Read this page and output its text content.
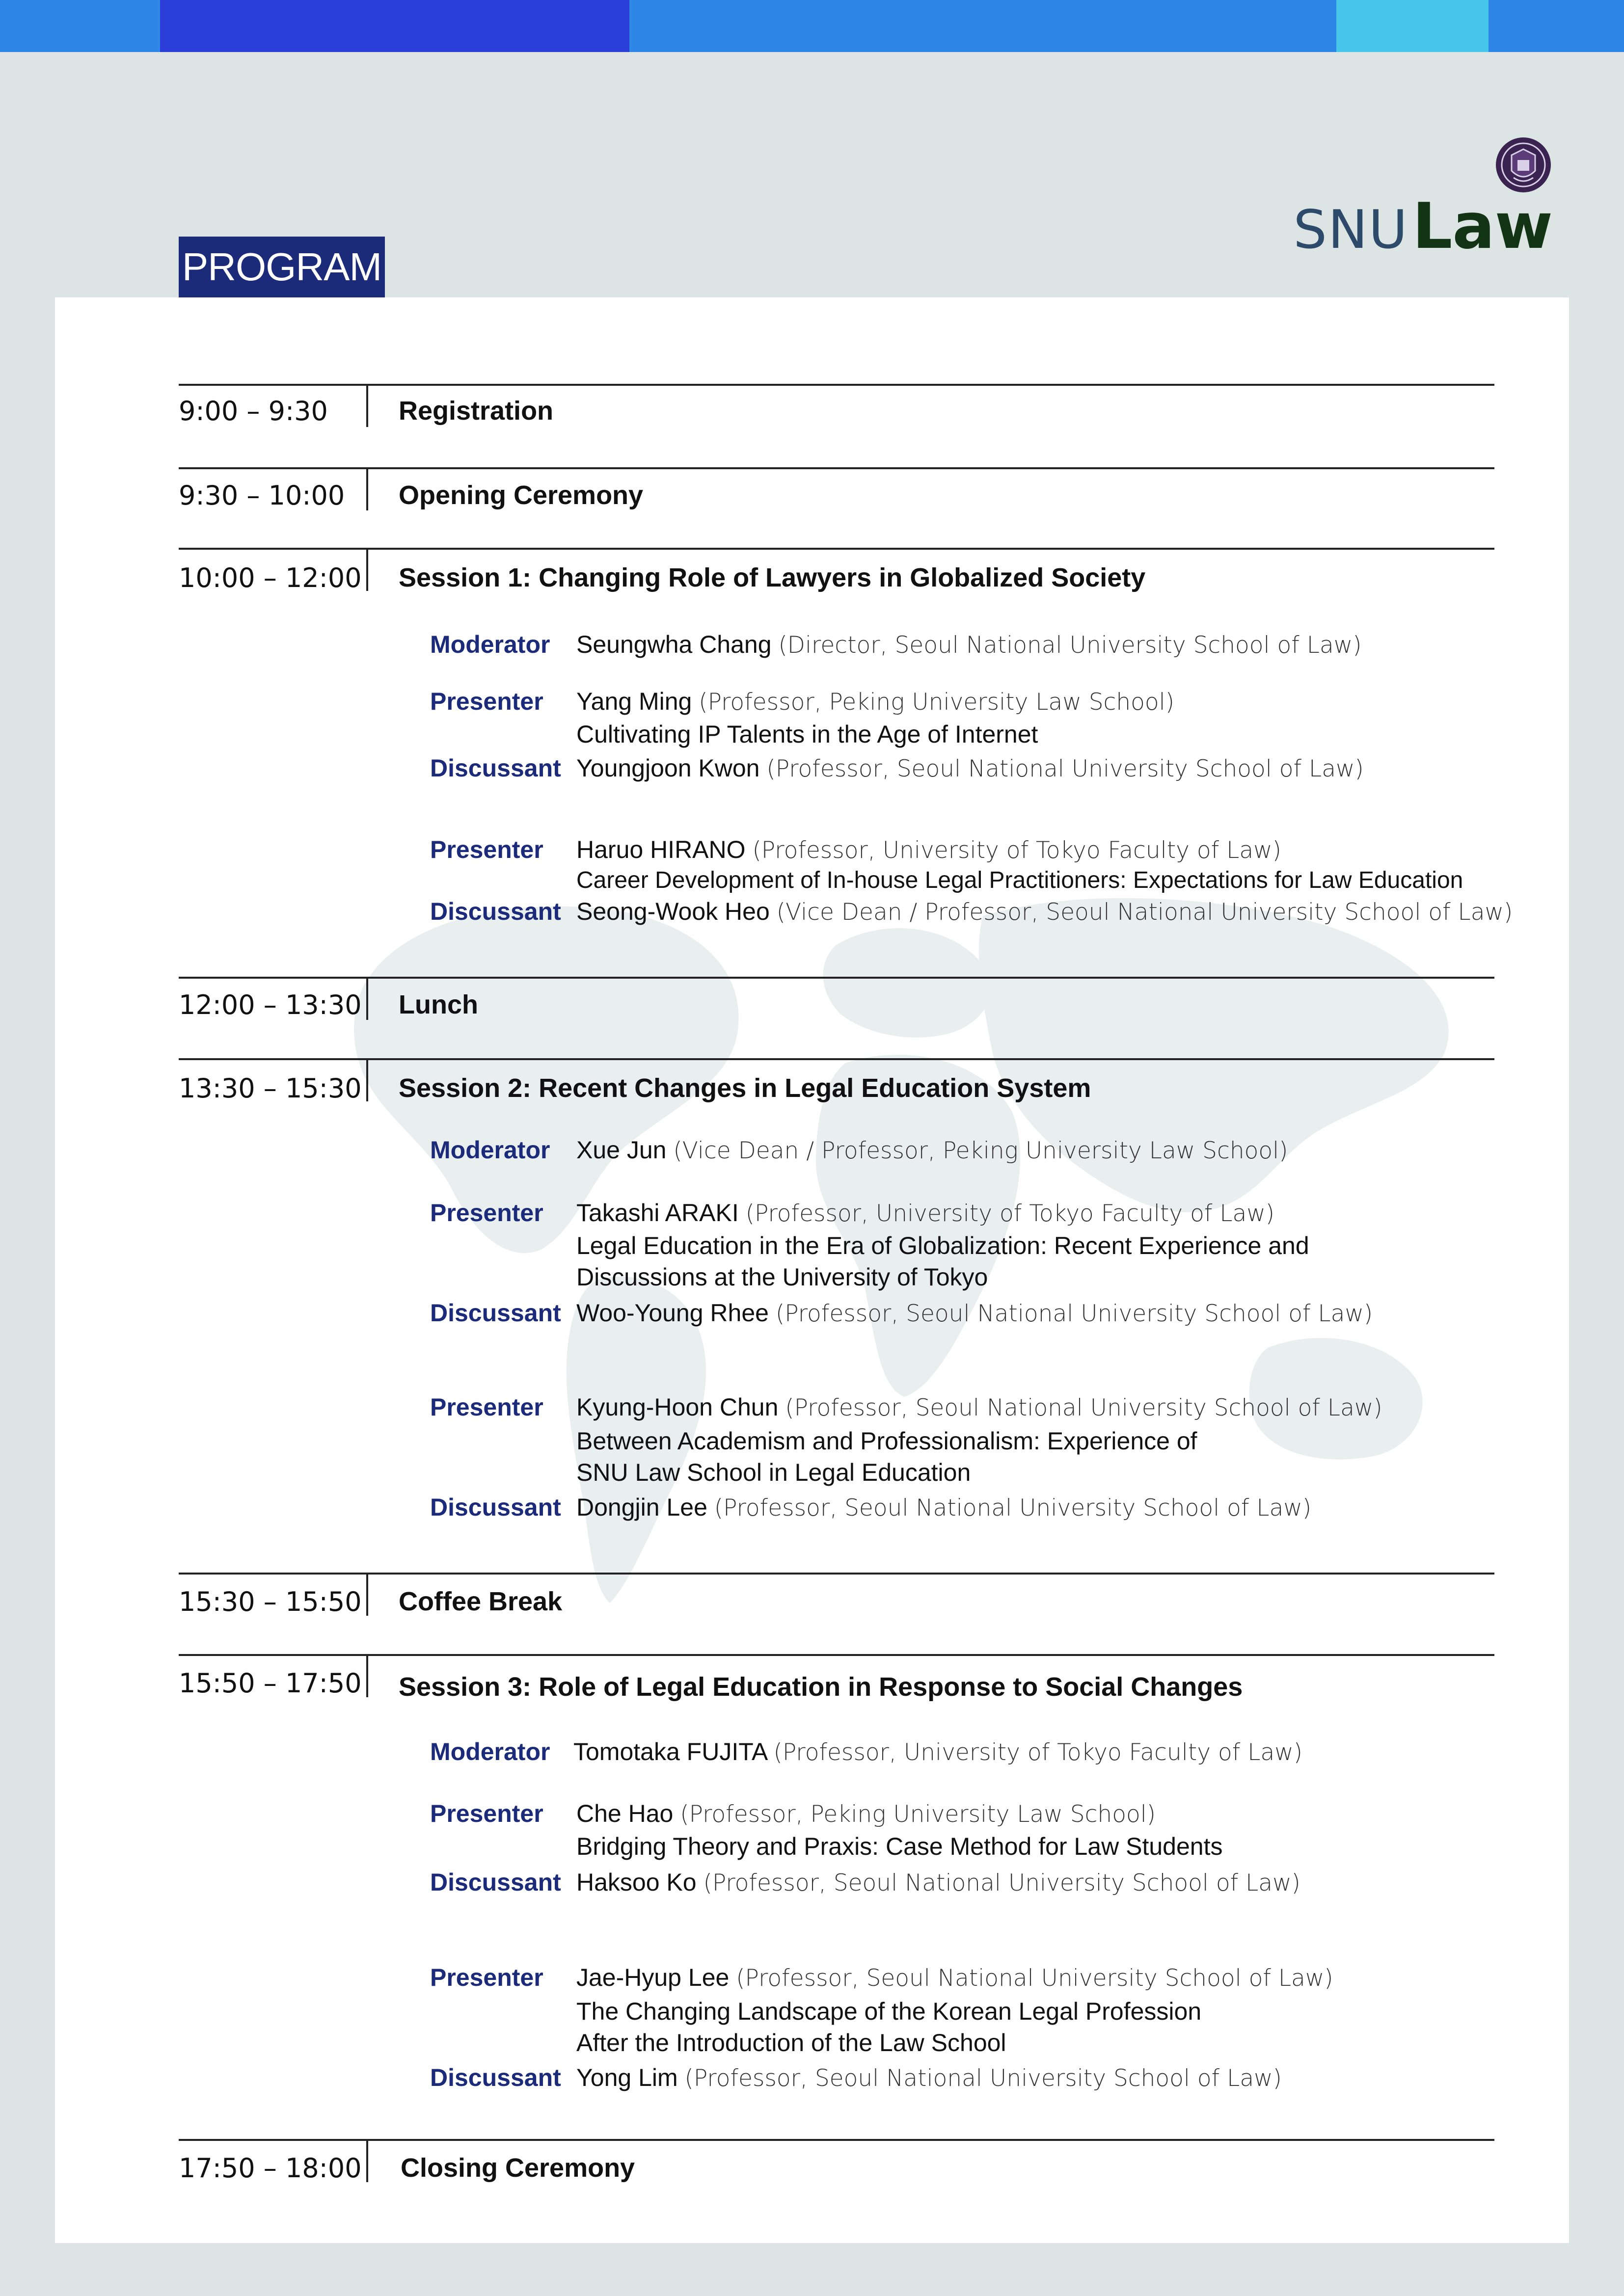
SNULaw
PROGRAM
9:00 – 9:30	Registration
9:30 – 10:00 Opening Ceremony
10:00 – 12:00 Session 1: Changing Role of Lawyers in Globalized Society
Moderator Seungwha Chang (Director, Seoul National University School of Law)
Presenter Yang Ming (Professor, Peking University Law School)
Cultivating IP Talents in the Age of Internet
Discussant Youngjoon Kwon (Professor, Seoul National University School of Law)
Presenter Haruo HIRANO (Professor, University of Tokyo Faculty of Law)
Career Development of In-house Legal Practitioners: Expectations for Law Education
Discussant Seong-Wook Heo (Vice Dean / Professor, Seoul National University School of Law)
12:00 – 13:30 Lunch
13:30 – 15:30 Session 2: Recent Changes in Legal Education System
Moderator Xue Jun (Vice Dean / Professor, Peking University Law School)
Presenter Takashi ARAKI (Professor, University of Tokyo Faculty of Law)
Legal Education in the Era of Globalization: Recent Experience and
Discussions at the University of Tokyo
Discussant Woo-Young Rhee (Professor, Seoul National University School of Law)
Presenter Kyung-Hoon Chun (Professor, Seoul National University School of Law)
Between Academism and Professionalism: Experience of
SNU Law School in Legal Education
Discussant Dongjin Lee (Professor, Seoul National University School of Law)
15:30 – 15:50 Coffee Break
15:50 – 17:50 Session 3: Role of Legal Education in Response to Social Changes
Moderator Tomotaka FUJITA (Professor, University of Tokyo Faculty of Law)
Presenter Che Hao (Professor, Peking University Law School)
Bridging Theory and Praxis: Case Method for Law Students
Discussant Haksoo Ko (Professor, Seoul National University School of Law)
Presenter Jae-Hyup Lee (Professor, Seoul National University School of Law)
The Changing Landscape of the Korean Legal Profession
After the Introduction of the Law School
Discussant Yong Lim (Professor, Seoul National University School of Law)
17:50 – 18:00 Closing Ceremony
